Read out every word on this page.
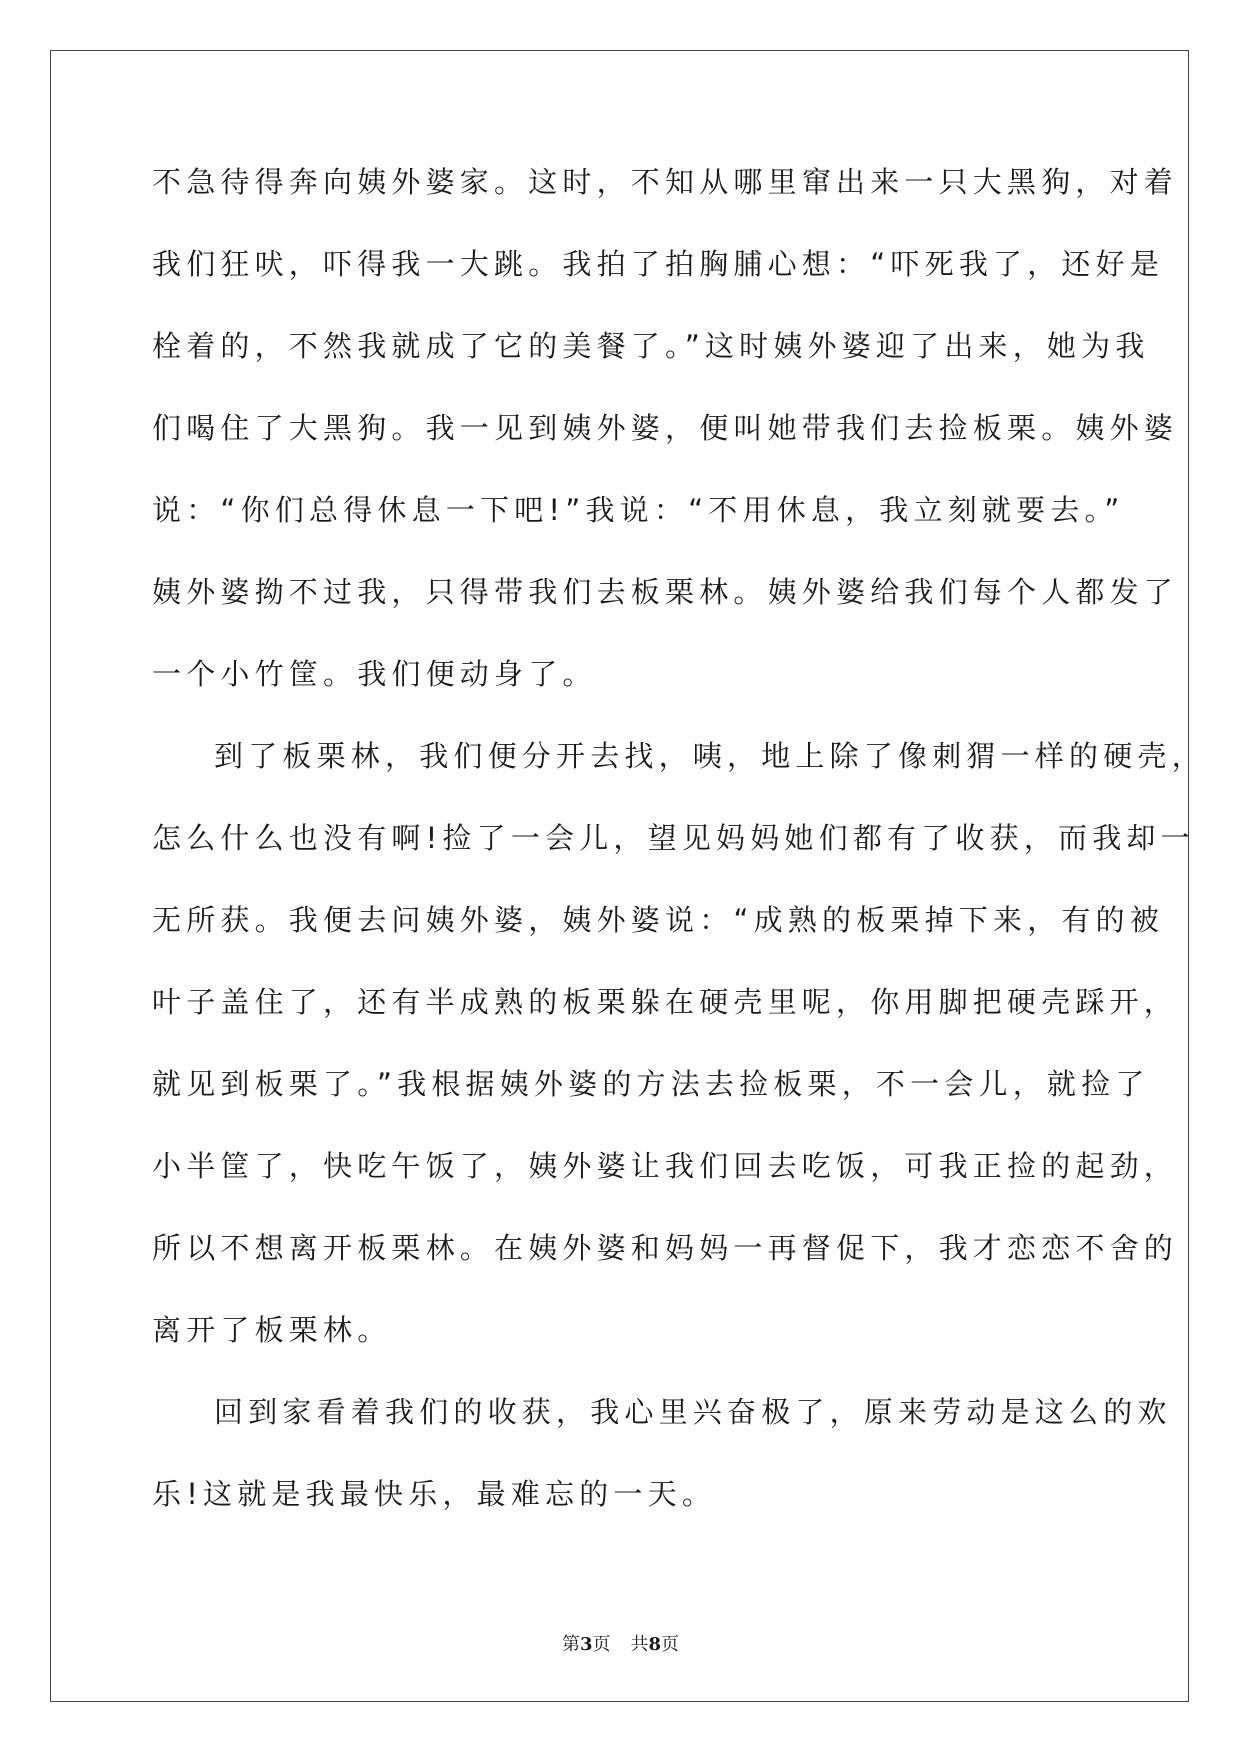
不急待得奔向姨外婆家。这时，不知从哪里窜出来一只大黑狗，对着
我们狂吠，吓得我一大跳。我拍了拍胸脯心想：“吓死我了，还好是
栓着的，不然我就成了它的美餐了。”这时姨外婆迎了出来，她为我
们喝住了大黑狗。我一见到姨外婆，便叫她带我们去捡板栗。姨外婆
说：“你们总得休息一下吧!”我说：“不用休息，我立刻就要去。”
姨外婆拗不过我，只得带我们去板栗林。姨外婆给我们每个人都发了
一个小竹筐。我们便动身了。
到了板栗林，我们便分开去找，咦，地上除了像刺猬一样的硬壳，
怎么什么也没有啊!捡了一会儿，望见妈妈她们都有了收获，而我却一
无所获。我便去问姨外婆，姨外婆说：“成熟的板栗掉下来，有的被
叶子盖住了，还有半成熟的板栗躲在硬壳里呢，你用脚把硬壳踩开，
就见到板栗了。”我根据姨外婆的方法去捡板栗，不一会儿，就捡了
小半筐了，快吃午饭了，姨外婆让我们回去吃饭，可我正捡的起劲，
所以不想离开板栗林。在姨外婆和妈妈一再督促下，我才恋恋不舍的
离开了板栗林。
回到家看着我们的收获，我心里兴奋极了，原来劳动是这么的欢
乐!这就是我最快乐，最难忘的一天。
第3页 共8页
